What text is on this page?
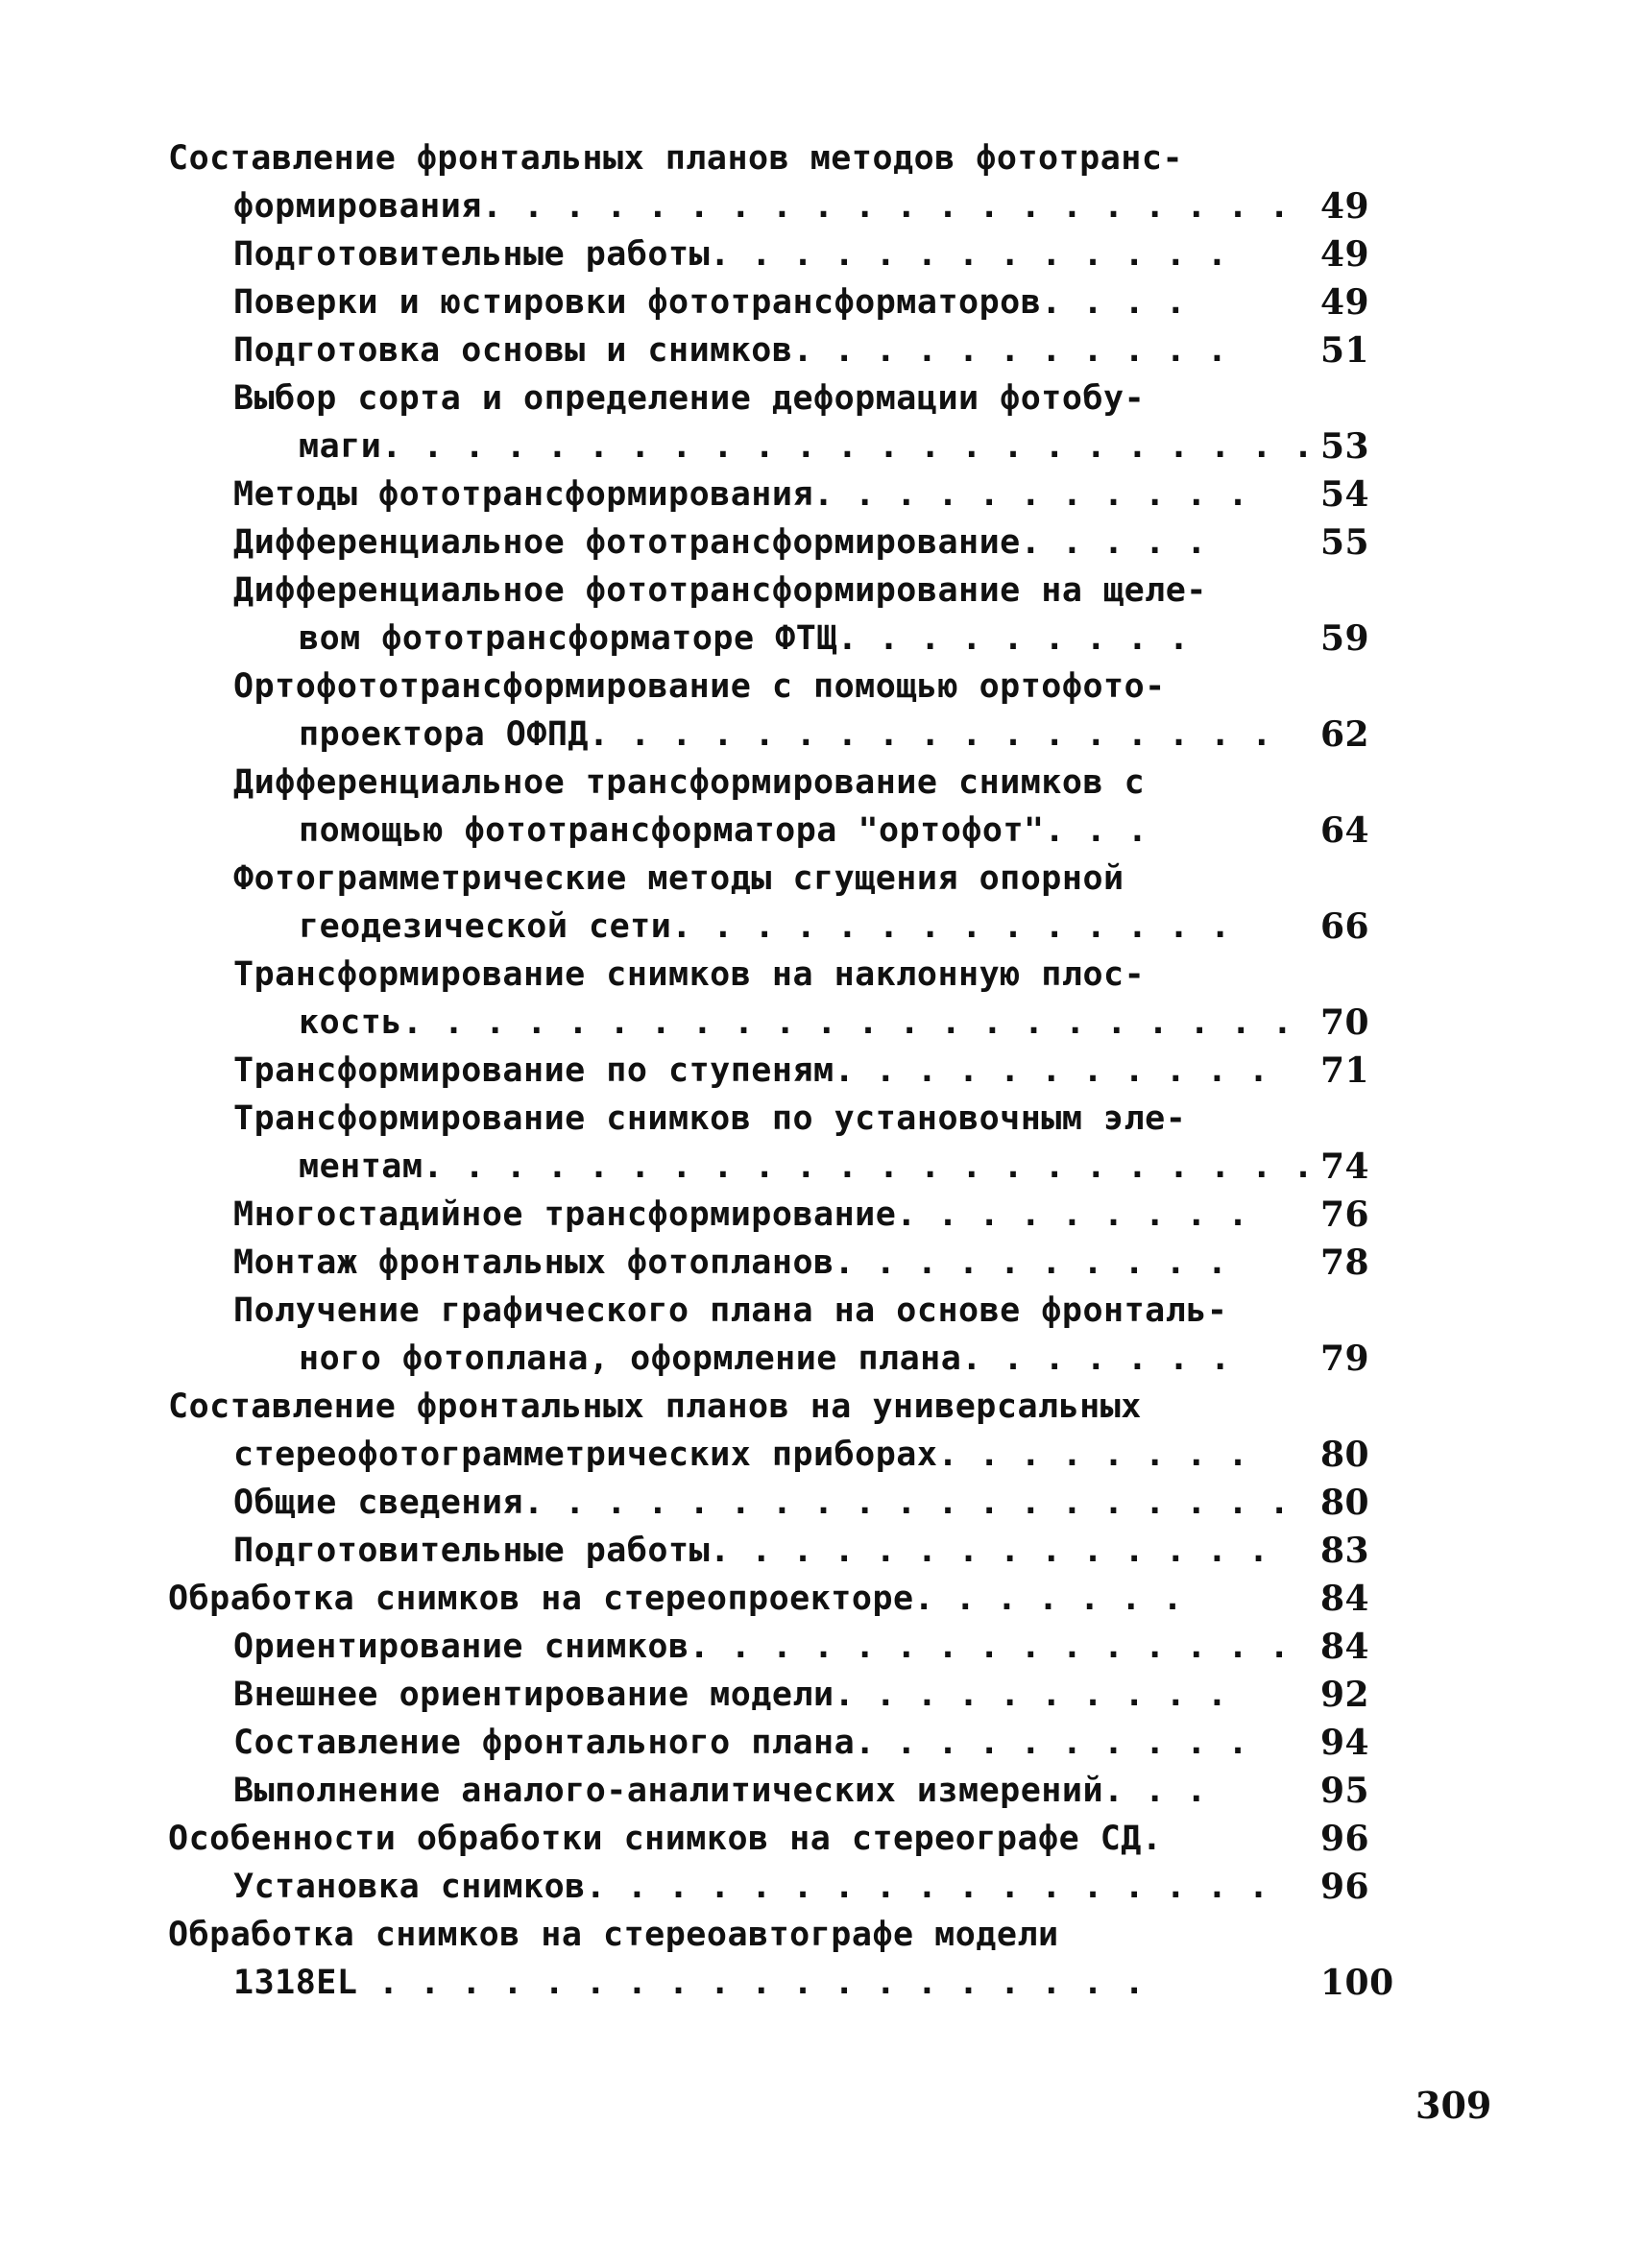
Составление фронтальных планов методов фототранс-
формирования. . . . . . . . . . . . . . . . . . . . 49
Подготовительные работы. . . . . . . . . . . . .	49
Поверки и юстировки фототрансформаторов. . . .	49
Подготовка основы и снимков. . . . . . . . . . .	51
Выбор сорта и определение деформации фотобу-
маги. . . . . . . . . . . . . . . . . . . . . . . 53
Методы фототрансформирования. . . . . . . . . . .	54
Дифференциальное фототрансформирование. . . . .	55
Дифференциальное фототрансформирование на щеле-
вом фототрансформаторе ФТЩ. . . . . . . . .	59
Ортофототрансформирование с помощью ортофото-
проектора ОФПД. . . . . . . . . . . . . . . . .	62
Дифференциальное трансформирование снимков с
помощью фототрансформатора "ортофот". . .	64
Фотограмметрические методы сгущения опорной
геодезической сети. . . . . . . . . . . . . .	66
Трансформирование снимков на наклонную плос-
кость. . . . . . . . . . . . . . . . . . . . . . 70
Трансформирование по ступеням. . . . . . . . . . .	71
Трансформирование снимков по установочным эле-
ментам. . . . . . . . . . . . . . . . . . . . . . 74
Многостадийное трансформирование. . . . . . . . .	76
Монтаж фронтальных фотопланов. . . . . . . . . .	78
Получение графического плана на основе фронталь-
ного фотоплана, оформление плана. . . . . . .	79
Составление фронтальных планов на универсальных
стереофотограмметрических приборах. . . . . . . .	80
Общие сведения. . . . . . . . . . . . . . . . . . . 80
Подготовительные работы. . . . . . . . . . . . . .	83
Обработка снимков на стереопроекторе. . . . . . .	84
Ориентирование снимков. . . . . . . . . . . . . . . 84
Внешнее ориентирование модели. . . . . . . . . .	92
Составление фронтального плана. . . . . . . . . .	94
Выполнение аналого-аналитических измерений. . .	95
Особенности обработки снимков на стереографе СД.	96
Установка снимков. . . . . . . . . . . . . . . . .	96
Обработка снимков на стереоавтографе модели
1318EL . . . . . . . . . . . . . . . . . . .	100
309
